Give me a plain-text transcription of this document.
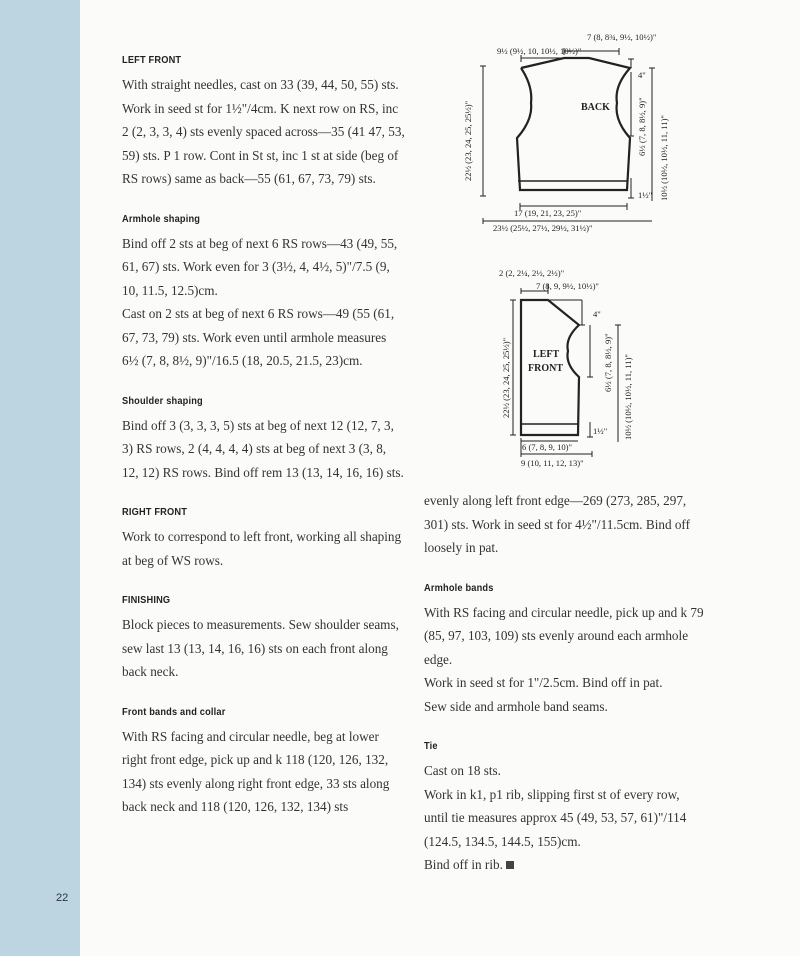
22
LEFT FRONT

With straight needles, cast on 33 (39, 44, 50, 55) sts. Work in seed st for 1½"/4cm. K next row on RS, inc 2 (2, 3, 3, 4) sts evenly spaced across—35 (41 47, 53, 59) sts. P 1 row. Cont in St st, inc 1 st at side (beg of RS rows) same as back—55 (61, 67, 73, 79) sts.

Armhole shaping

Bind off 2 sts at beg of next 6 RS rows—43 (49, 55, 61, 67) sts. Work even for 3 (3½, 4, 4½, 5)"/7.5 (9, 10, 11.5, 12.5)cm.

Cast on 2 sts at beg of next 6 RS rows—49 (55 (61, 67, 73, 79) sts. Work even until armhole measures 6½ (7, 8, 8½, 9)"/16.5 (18, 20.5, 21.5, 23)cm.

Shoulder shaping

Bind off 3 (3, 3, 3, 5) sts at beg of next 12 (12, 7, 3, 3) RS rows, 2 (4, 4, 4, 4) sts at beg of next 3 (3, 8, 12, 12) RS rows. Bind off rem 13 (13, 14, 16, 16) sts.

RIGHT FRONT

Work to correspond to left front, working all shaping at beg of WS rows.

FINISHING

Block pieces to measurements. Sew shoulder seams, sew last 13 (13, 14, 16, 16) sts on each front along back neck.

Front bands and collar

With RS facing and circular needle, beg at lower right front edge, pick up and k 118 (120, 126, 132, 134) sts evenly along right front edge, 33 sts along back neck and 118 (120, 126, 132, 134) sts

evenly along left front edge—269 (273, 285, 297, 301) sts. Work in seed st for 4½"/11.5cm. Bind off loosely in pat.

Armhole bands

With RS facing and circular needle, pick up and k 79 (85, 97, 103, 109) sts evenly around each armhole edge.

Work in seed st for 1"/2.5cm. Bind off in pat.

Sew side and armhole band seams.

Tie

Cast on 18 sts.

Work in k1, p1 rib, slipping first st of every row, until tie measures approx 45 (49, 53, 57, 61)"/114 (124.5, 134.5, 144.5, 155)cm.

Bind off in rib.

BACK
7 (8, 8¾, 9½, 10½)"
9½ (9½, 10, 10½, 10½)"
4"
1½"
6½ (7, 8, 8½, 9)" 10½ (10½, 10½, 11, 11)"
22½ (23, 24, 25, 25½)"
17 (19, 21, 23, 25)"
23½ (25½, 27½, 29½, 31½)"
LEFT
FRONT
2 (2, 2¼, 2½, 2½)"
7 (8, 9, 9½, 10½)"
4"
1½"
6½ (7, 8, 8½, 9)" 10½ (10½, 10½, 11, 11)"
22½ (23, 24, 25, 25½)"
6 (7, 8, 9, 10)"
9 (10, 11, 12, 13)"
